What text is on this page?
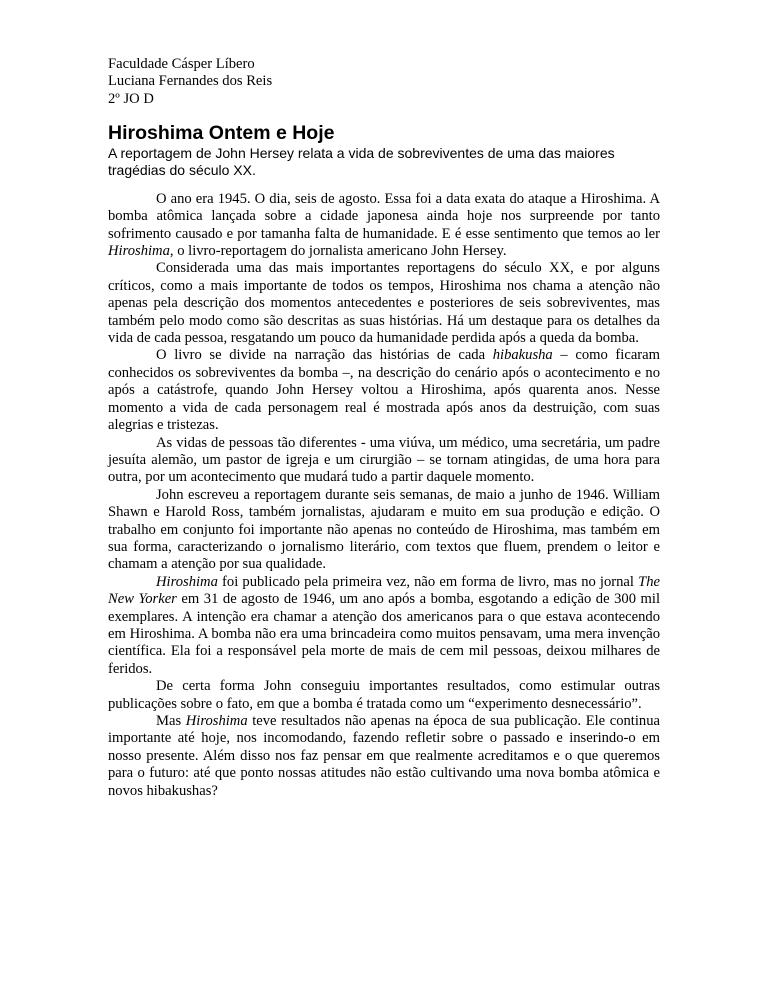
Faculdade Cásper Líbero

Luciana Fernandes dos Reis

2º JO D

Hiroshima Ontem e Hoje

A reportagem de John Hersey relata a vida de sobreviventes de uma das maiores tragédias do século XX.

O ano era 1945. O dia, seis de agosto. Essa foi a data exata do ataque a Hiroshima. A bomba atômica lançada sobre a cidade japonesa ainda hoje nos surpreende por tanto sofrimento causado e por tamanha falta de humanidade. E é esse sentimento que temos ao ler Hiroshima, o livro-reportagem do jornalista americano John Hersey.

Considerada uma das mais importantes reportagens do século XX, e por alguns críticos, como a mais importante de todos os tempos, Hiroshima nos chama a atenção não apenas pela descrição dos momentos antecedentes e posteriores de seis sobreviventes, mas também pelo modo como são descritas as suas histórias. Há um destaque para os detalhes da vida de cada pessoa, resgatando um pouco da humanidade perdida após a queda da bomba.

O livro se divide na narração das histórias de cada hibakusha – como ficaram conhecidos os sobreviventes da bomba –, na descrição do cenário após o acontecimento e no após a catástrofe, quando John Hersey voltou a Hiroshima, após quarenta anos. Nesse momento a vida de cada personagem real é mostrada após anos da destruição, com suas alegrias e tristezas.

As vidas de pessoas tão diferentes - uma viúva, um médico, uma secretária, um padre jesuíta alemão, um pastor de igreja e um cirurgião – se tornam atingidas, de uma hora para outra, por um acontecimento que mudará tudo a partir daquele momento.

John escreveu a reportagem durante seis semanas, de maio a junho de 1946. William Shawn e Harold Ross, também jornalistas, ajudaram e muito em sua produção e edição. O trabalho em conjunto foi importante não apenas no conteúdo de Hiroshima, mas também em sua forma, caracterizando o jornalismo literário, com textos que fluem, prendem o leitor e chamam a atenção por sua qualidade.

Hiroshima foi publicado pela primeira vez, não em forma de livro, mas no jornal The New Yorker em 31 de agosto de 1946, um ano após a bomba, esgotando a edição de 300 mil exemplares. A intenção era chamar a atenção dos americanos para o que estava acontecendo em Hiroshima. A bomba não era uma brincadeira como muitos pensavam, uma mera invenção científica. Ela foi a responsável pela morte de mais de cem mil pessoas, deixou milhares de feridos.

De certa forma John conseguiu importantes resultados, como estimular outras publicações sobre o fato, em que a bomba é tratada como um “experimento desnecessário”.

Mas Hiroshima teve resultados não apenas na época de sua publicação. Ele continua importante até hoje, nos incomodando, fazendo refletir sobre o passado e inserindo-o em nosso presente. Além disso nos faz pensar em que realmente acreditamos e o que queremos para o futuro: até que ponto nossas atitudes não estão cultivando uma nova bomba atômica e novos hibakushas?
